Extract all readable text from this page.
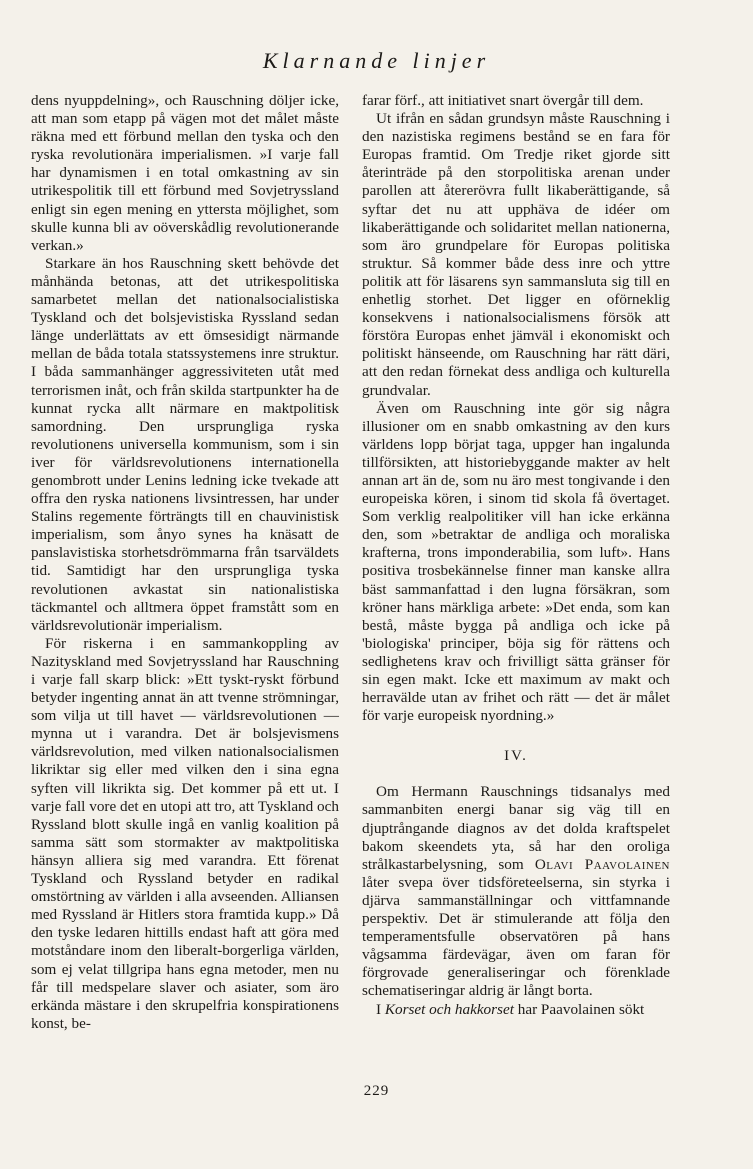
Klarnande linjer

dens nyuppdelning», och Rauschning döljer icke, att man som etapp på vägen mot det målet måste räkna med ett förbund mellan den tyska och den ryska revolutionära imperialismen. »I varje fall har dynamismen i en total omkastning av sin utrikespolitik till ett förbund med Sovjetryssland enligt sin egen mening en yttersta möjlighet, som skulle kunna bli av oöverskådlig revolutionerande verkan.»

Starkare än hos Rauschning skett behövde det månhända betonas, att det utrikespolitiska samarbetet mellan det nationalsocialistiska Tyskland och det bolsjevistiska Ryssland sedan länge underlättats av ett ömsesidigt närmande mellan de båda totala statssystemens inre struktur. I båda sammanhänger aggressiviteten utåt med terrorismen inåt, och från skilda startpunkter ha de kunnat rycka allt närmare en maktpolitisk samordning. Den ursprungliga ryska revolutionens universella kommunism, som i sin iver för världsrevolutionens internationella genombrott under Lenins ledning icke tvekade att offra den ryska nationens livsintressen, har under Stalins regemente förträngts till en chauvinistisk imperialism, som ånyo synes ha knäsatt de panslavistiska storhetsdrömmarna från tsarväldets tid. Samtidigt har den ursprungliga tyska revolutionen avkastat sin nationalistiska täckmantel och alltmera öppet framstått som en världsrevolutionär imperialism.

För riskerna i en sammankoppling av Nazityskland med Sovjetryssland har Rauschning i varje fall skarp blick: »Ett tyskt-ryskt förbund betyder ingenting annat än att tvenne strömningar, som vilja ut till havet — världsrevolutionen — mynna ut i varandra. Det är bolsjevismens världsrevolution, med vilken nationalsocialismen likriktar sig eller med vilken den i sina egna syften vill likrikta sig. Det kommer på ett ut. I varje fall vore det en utopi att tro, att Tyskland och Ryssland blott skulle ingå en vanlig koalition på samma sätt som stormakter av maktpolitiska hänsyn alliera sig med varandra. Ett förenat Tyskland och Ryssland betyder en radikal omstörtning av världen i alla avseenden. Alliansen med Ryssland är Hitlers stora framtida kupp.» Då den tyske ledaren hittills endast haft att göra med motståndare inom den liberalt-borgerliga världen, som ej velat tillgripa hans egna metoder, men nu får till medspelare slaver och asiater, som äro erkända mästare i den skrupelfria konspirationens konst, be-

farar förf., att initiativet snart övergår till dem.

Ut ifrån en sådan grundsyn måste Rauschning i den nazistiska regimens bestånd se en fara för Europas framtid. Om Tredje riket gjorde sitt återinträde på den storpolitiska arenan under parollen att återerövra fullt likaberättigande, så syftar det nu att upphäva de idéer om likaberättigande och solidaritet mellan nationerna, som äro grundpelare för Europas politiska struktur. Så kommer både dess inre och yttre politik att för läsarens syn sammansluta sig till en enhetlig storhet. Det ligger en oförneklig konsekvens i nationalsocialismens försök att förstöra Europas enhet jämväl i ekonomiskt och politiskt hänseende, om Rauschning har rätt däri, att den redan förnekat dess andliga och kulturella grundvalar.

Även om Rauschning inte gör sig några illusioner om en snabb omkastning av den kurs världens lopp börjat taga, uppger han ingalunda tillförsikten, att historiebyggande makter av helt annan art än de, som nu äro mest tongivande i den europeiska kören, i sinom tid skola få övertaget. Som verklig realpolitiker vill han icke erkänna den, som »betraktar de andliga och moraliska krafterna, trons imponderabilia, som luft». Hans positiva trosbekännelse finner man kanske allra bäst sammanfattad i den lugna försäkran, som kröner hans märkliga arbete: »Det enda, som kan bestå, måste bygga på andliga och icke på 'biologiska' principer, böja sig för rättens och sedlighetens krav och frivilligt sätta gränser för sin egen makt. Icke ett maximum av makt och herravälde utan av frihet och rätt — det är målet för varje europeisk nyordning.»

IV.

Om Hermann Rauschnings tidsanalys med sammanbiten energi banar sig väg till en djuptrångande diagnos av det dolda kraftspelet bakom skeendets yta, så har den oroliga strålkastarbelysning, som Olavi Paavolainen låter svepa över tidsföreteelserna, sin styrka i djärva sammanställningar och vittfamnande perspektiv. Det är stimulerande att följa den temperamentsfulle observatören på hans vågsamma färdevägar, även om faran för förgrovade generaliseringar och förenklade schematiseringar aldrig är långt borta.

I Korset och hakkorset har Paavolainen sökt

229
